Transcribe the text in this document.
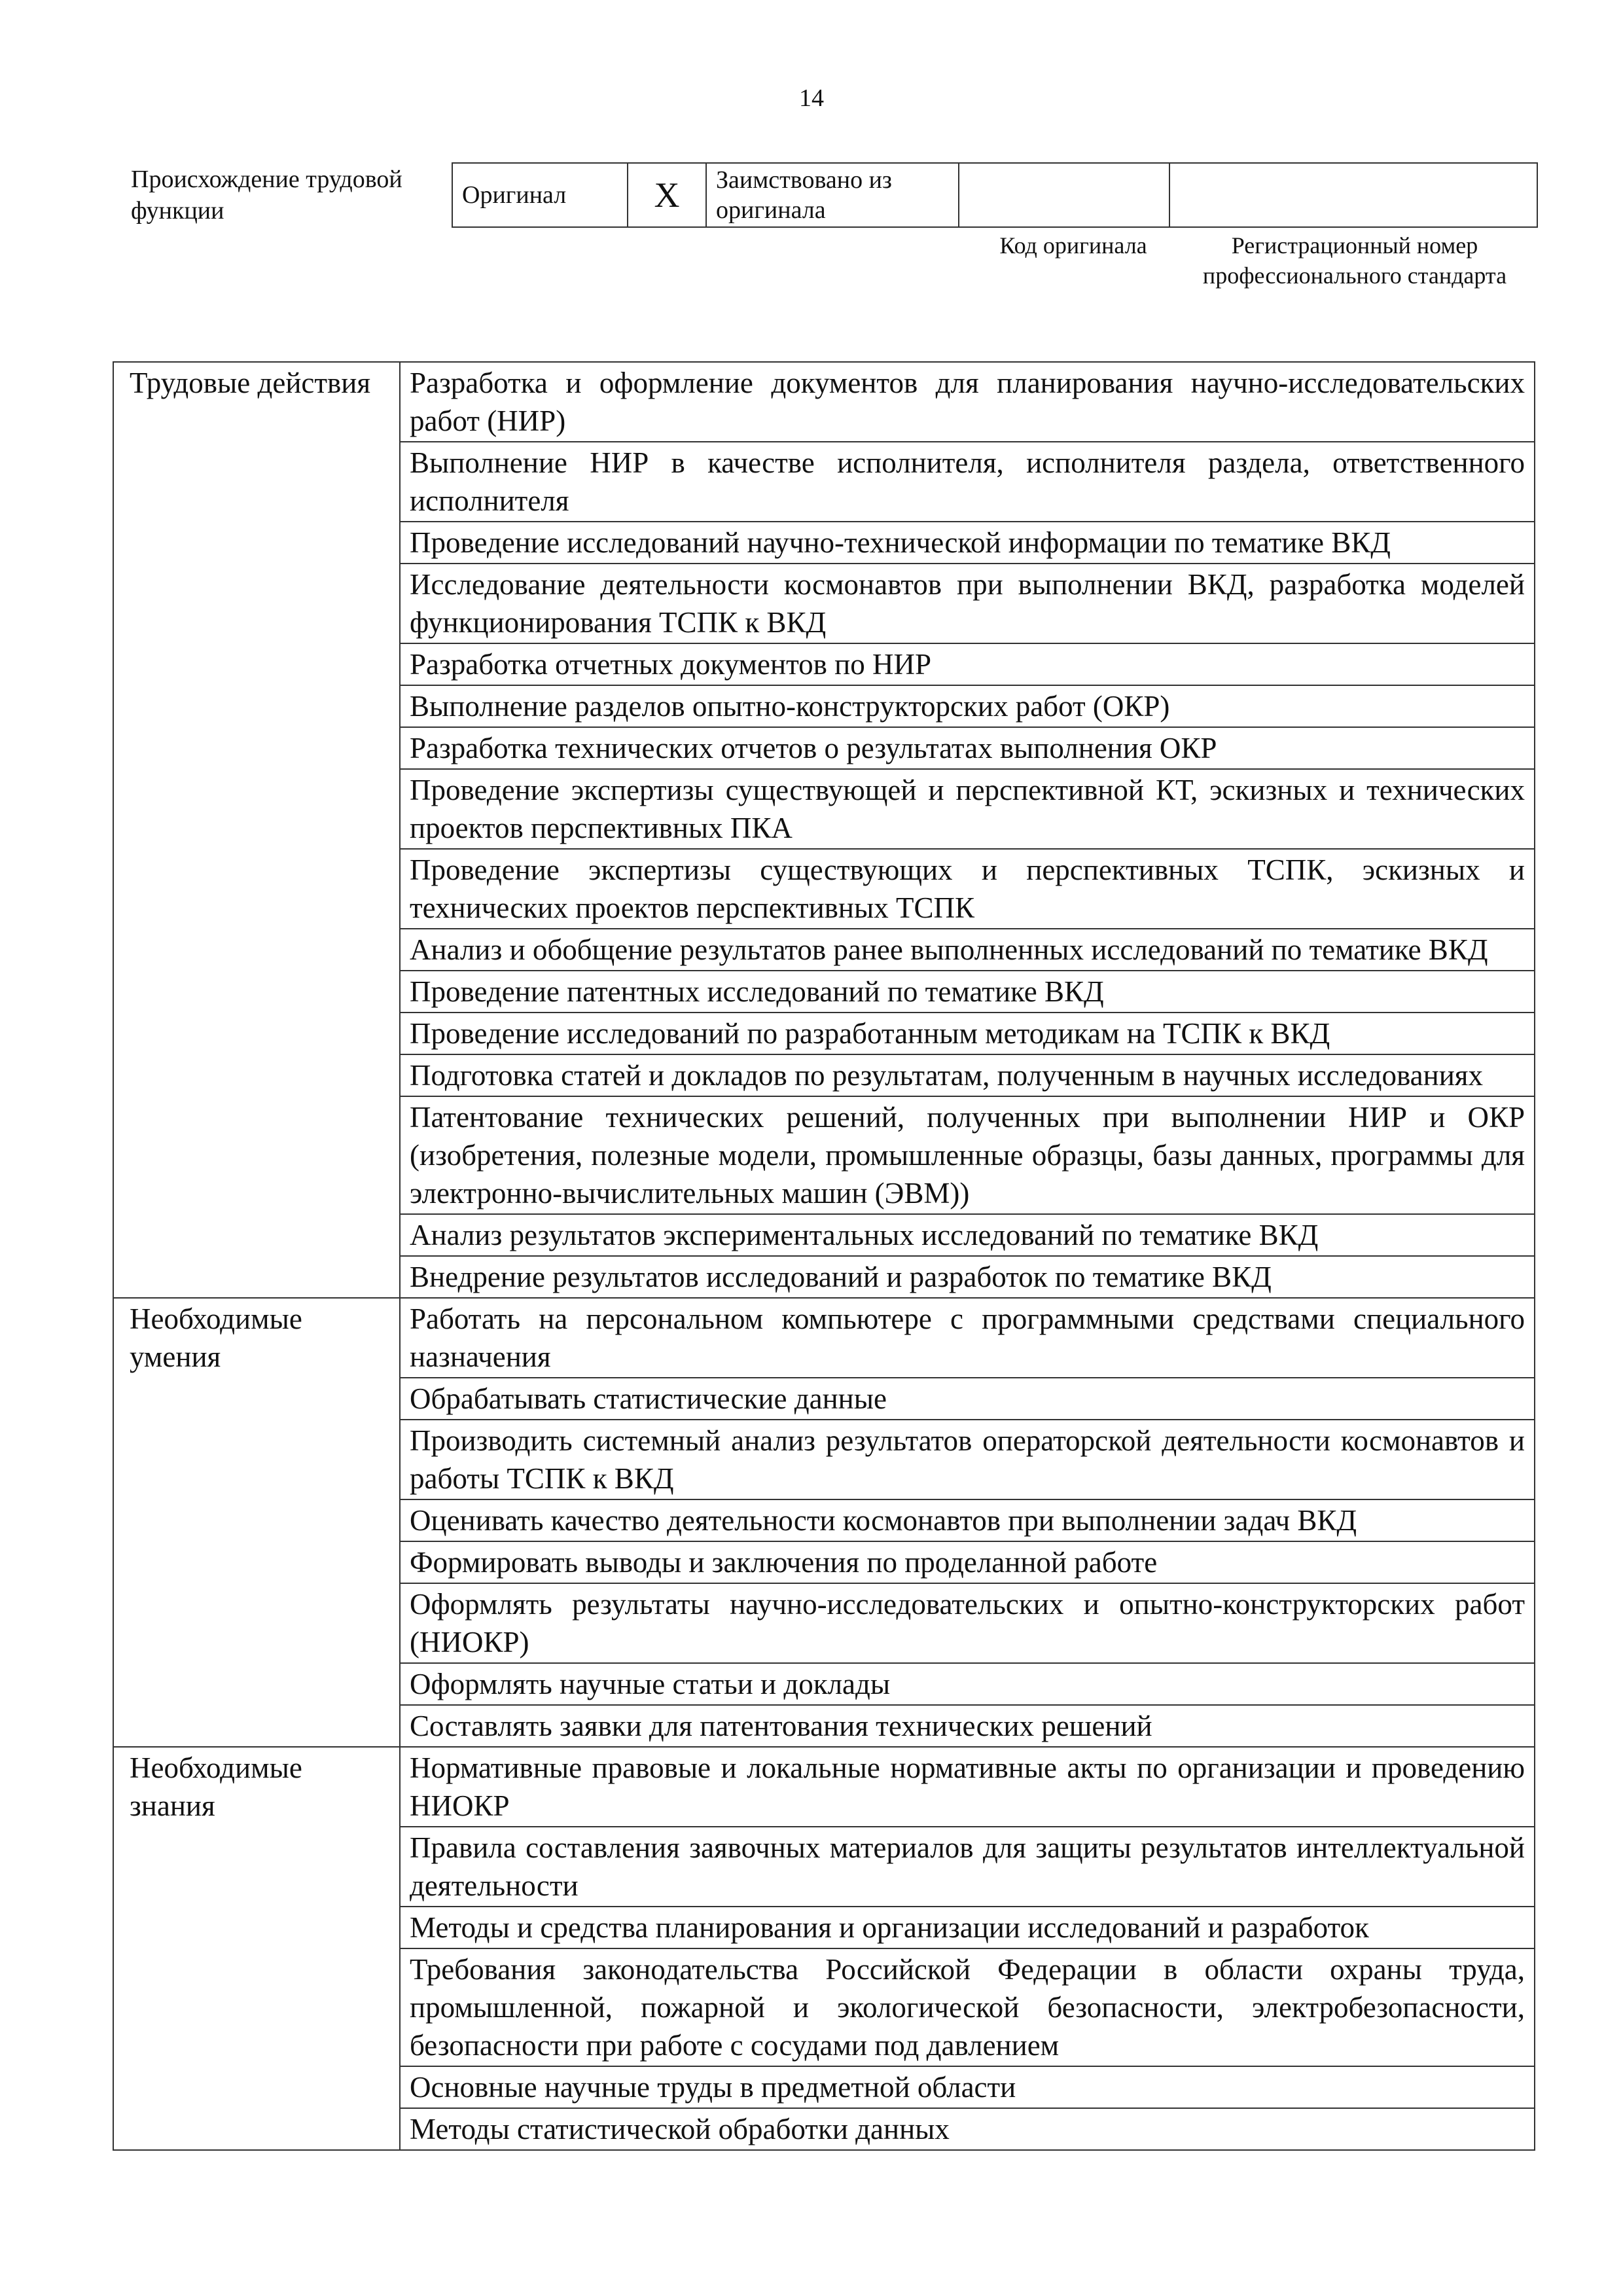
14
Происхождение трудовой функции
Оригинал	X	Заимствовано из оригинала		
Код оригинала	Регистрационный номер профессионального стандарта
Трудовые действия	Разработка и оформление документов для планирования научно-исследовательских работ (НИР)
	Выполнение НИР в качестве исполнителя, исполнителя раздела, ответственного исполнителя
	Проведение исследований научно-технической информации по тематике ВКД
	Исследование деятельности космонавтов при выполнении ВКД, разработка моделей функционирования ТСПК к ВКД
	Разработка отчетных документов по НИР
	Выполнение разделов опытно-конструкторских работ (ОКР)
	Разработка технических отчетов о результатах выполнения ОКР
	Проведение экспертизы существующей и перспективной КТ, эскизных и технических проектов перспективных ПКА
	Проведение экспертизы существующих и перспективных ТСПК, эскизных и технических проектов перспективных ТСПК
	Анализ и обобщение результатов ранее выполненных исследований по тематике ВКД
	Проведение патентных исследований по тематике ВКД
	Проведение исследований по разработанным методикам на ТСПК к ВКД
	Подготовка статей и докладов по результатам, полученным в научных исследованиях
	Патентование технических решений, полученных при выполнении НИР и ОКР (изобретения, полезные модели, промышленные образцы, базы данных, программы для электронно-вычислительных машин (ЭВМ))
	Анализ результатов экспериментальных исследований по тематике ВКД
	Внедрение результатов исследований и разработок по тематике ВКД
Необходимые умения	Работать на персональном компьютере с программными средствами специального назначения
	Обрабатывать статистические данные
	Производить системный анализ результатов операторской деятельности космонавтов и работы ТСПК к ВКД
	Оценивать качество деятельности космонавтов при выполнении задач ВКД
	Формировать выводы и заключения по проделанной работе
	Оформлять результаты научно-исследовательских и опытно-конструкторских работ (НИОКР)
	Оформлять научные статьи и доклады
	Составлять заявки для патентования технических решений
Необходимые знания	Нормативные правовые и локальные нормативные акты по организации и проведению НИОКР
	Правила составления заявочных материалов для защиты результатов интеллектуальной деятельности
	Методы и средства планирования и организации исследований и разработок
	Требования законодательства Российской Федерации в области охраны труда, промышленной, пожарной и экологической безопасности, электробезопасности, безопасности при работе с сосудами под давлением
	Основные научные труды в предметной области
	Методы статистической обработки данных
